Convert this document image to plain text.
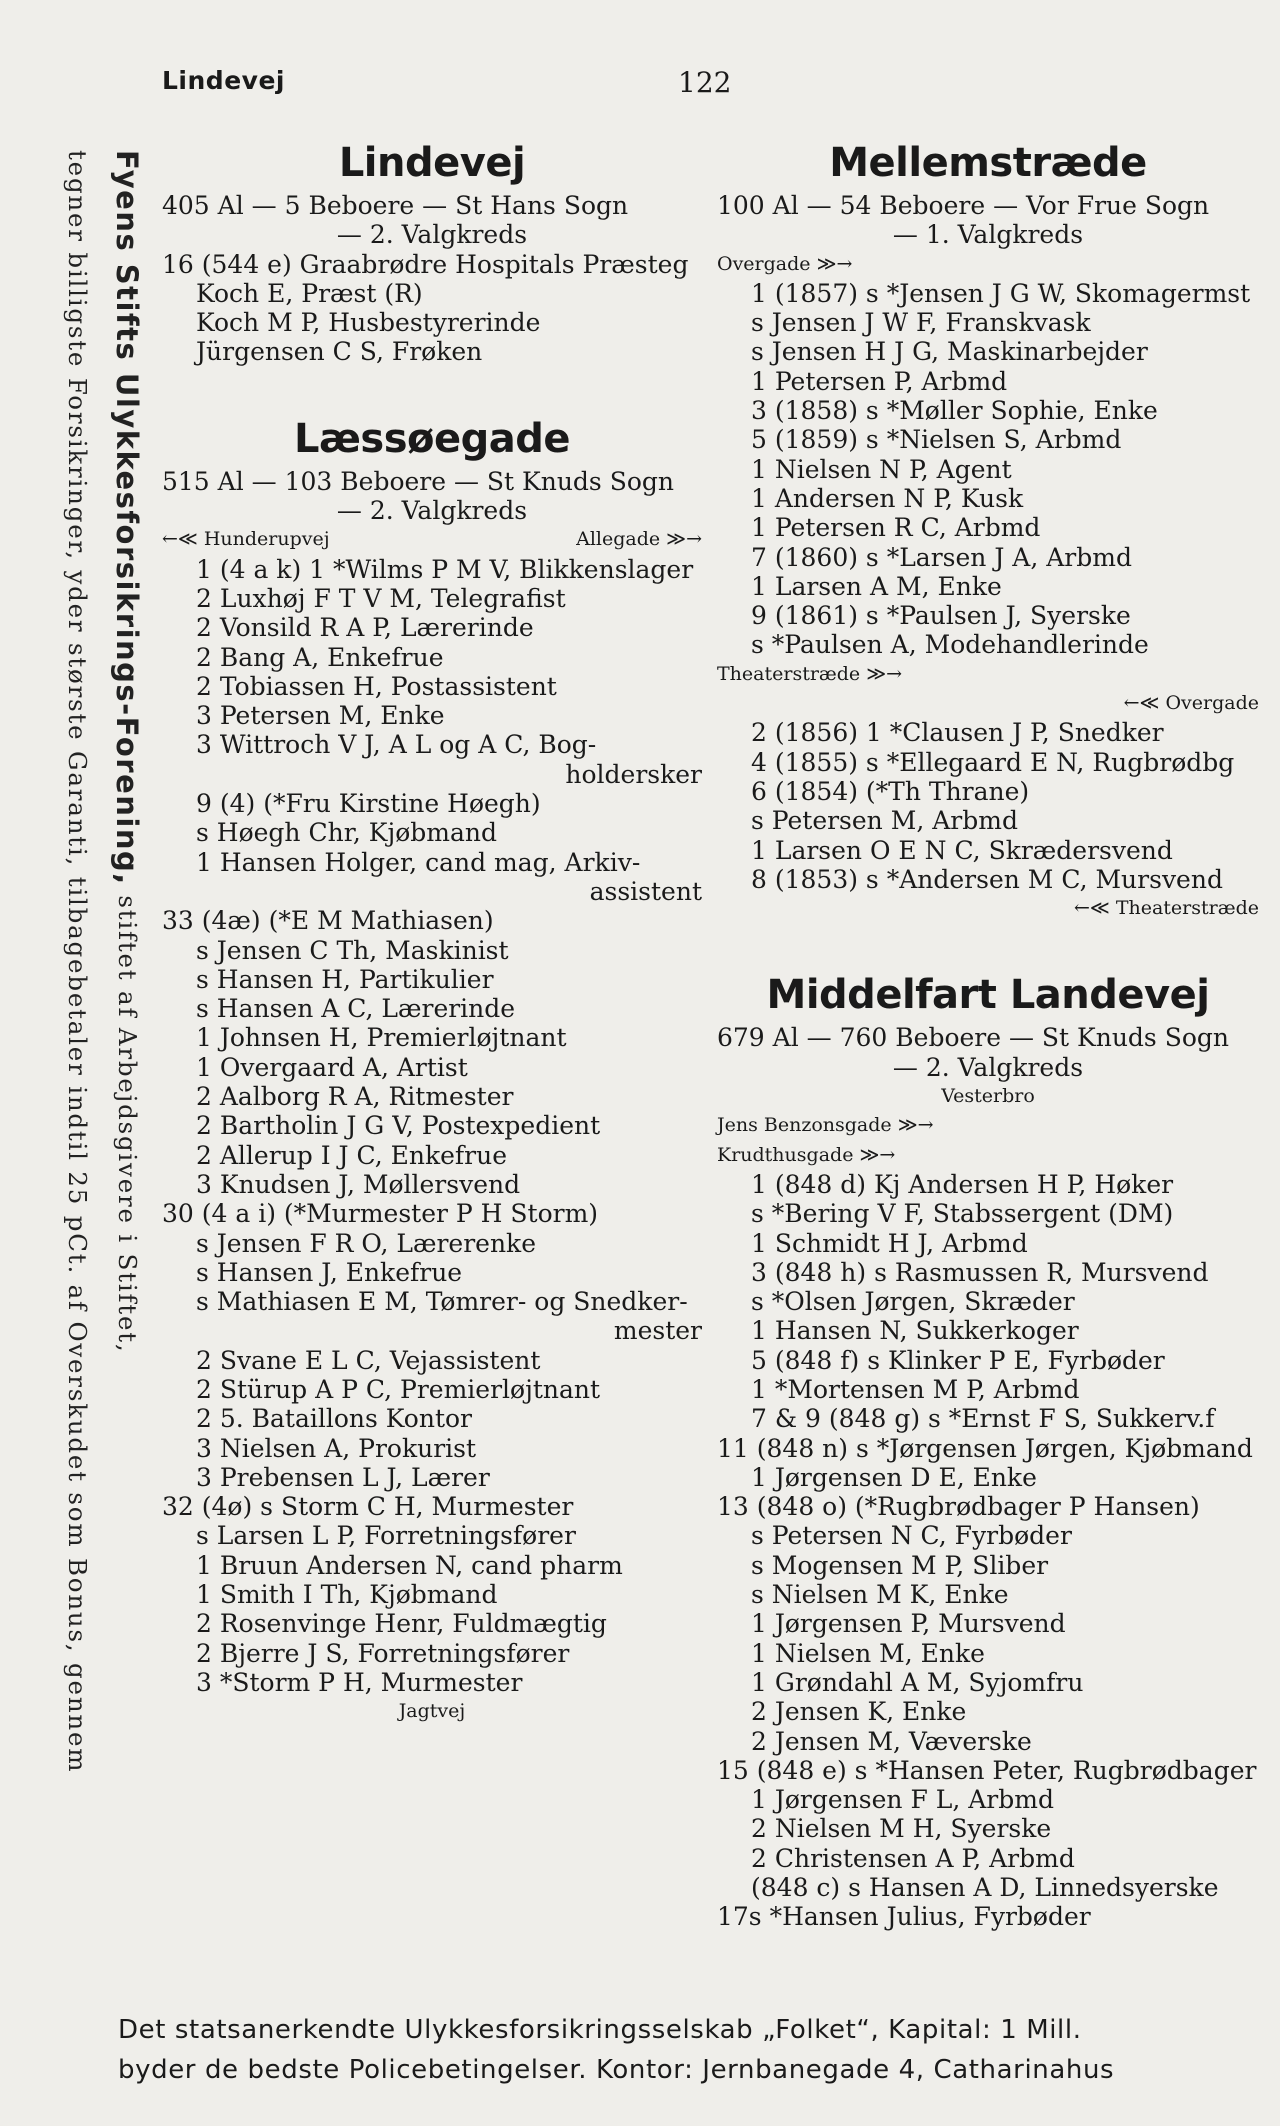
Lindevej	122
Fyens Stifts Ulykkesforsikrings-Forening, stiftet af Arbejdsgivere i Stiftet,
tegner billigste Forsikringer, yder største Garanti, tilbagebetaler indtil 25 pCt. af Overskudet som Bonus, gennem	Lindevej
405 Al — 5 Beboere — St Hans Sogn
— 2. Valgkreds
16 (544 e) Graabrødre Hospitals Præsteg
Koch E, Præst (R)
Koch M P, Husbestyrerinde
Jürgensen C S, Frøken
Læssøegade
515 Al — 103 Beboere — St Knuds Sogn
— 2. Valgkreds
←≪ Hunderupvej	Allegade ≫→
1 (4 a k) 1 *Wilms P M V, Blikkenslager
2 Luxhøj F T V M, Telegrafist
2 Vonsild R A P, Lærerinde
2 Bang A, Enkefrue
2 Tobiassen H, Postassistent
3 Petersen M, Enke
3 Wittroch V J, A L og A C, Bog-
holdersker
9 (4) (*Fru Kirstine Høegh)
s Høegh Chr, Kjøbmand
1 Hansen Holger, cand mag, Arkiv-
assistent
33 (4æ) (*E M Mathiasen)
s Jensen C Th, Maskinist
s Hansen H, Partikulier
s Hansen A C, Lærerinde
1 Johnsen H, Premierløjtnant
1 Overgaard A, Artist
2 Aalborg R A, Ritmester
2 Bartholin J G V, Postexpedient
2 Allerup I J C, Enkefrue
3 Knudsen J, Møllersvend
30 (4 a i) (*Murmester P H Storm)
s Jensen F R O, Lærerenke
s Hansen J, Enkefrue
s Mathiasen E M, Tømrer- og Snedker-
mester
2 Svane E L C, Vejassistent
2 Stürup A P C, Premierløjtnant
2 5. Bataillons Kontor
3 Nielsen A, Prokurist
3 Prebensen L J, Lærer
32 (4ø) s Storm C H, Murmester
s Larsen L P, Forretningsfører
1 Bruun Andersen N, cand pharm
1 Smith I Th, Kjøbmand
2 Rosenvinge Henr, Fuldmægtig
2 Bjerre J S, Forretningsfører
3 *Storm P H, Murmester
Jagtvej
Mellemstræde
100 Al — 54 Beboere — Vor Frue Sogn
— 1. Valgkreds
Overgade ≫→
1 (1857) s *Jensen J G W, Skomagermst
s Jensen J W F, Franskvask
s Jensen H J G, Maskinarbejder
1 Petersen P, Arbmd
3 (1858) s *Møller Sophie, Enke
5 (1859) s *Nielsen S, Arbmd
1 Nielsen N P, Agent
1 Andersen N P, Kusk
1 Petersen R C, Arbmd
7 (1860) s *Larsen J A, Arbmd
1 Larsen A M, Enke
9 (1861) s *Paulsen J, Syerske
s *Paulsen A, Modehandlerinde
Theaterstræde ≫→
←≪ Overgade
2 (1856) 1 *Clausen J P, Snedker
4 (1855) s *Ellegaard E N, Rugbrødbg
6 (1854) (*Th Thrane)
s Petersen M, Arbmd
1 Larsen O E N C, Skrædersvend
8 (1853) s *Andersen M C, Mursvend
←≪ Theaterstræde
Middelfart Landevej
679 Al — 760 Beboere — St Knuds Sogn
— 2. Valgkreds
Vesterbro
Jens Benzonsgade ≫→
Krudthusgade ≫→
1 (848 d) Kj Andersen H P, Høker
s *Bering V F, Stabssergent (DM)
1 Schmidt H J, Arbmd
3 (848 h) s Rasmussen R, Mursvend
s *Olsen Jørgen, Skræder
1 Hansen N, Sukkerkoger
5 (848 f) s Klinker P E, Fyrbøder
1 *Mortensen M P, Arbmd
7 & 9 (848 g) s *Ernst F S, Sukkerv.f
11 (848 n) s *Jørgensen Jørgen, Kjøbmand
1 Jørgensen D E, Enke
13 (848 o) (*Rugbrødbager P Hansen)
s Petersen N C, Fyrbøder
s Mogensen M P, Sliber
s Nielsen M K, Enke
1 Jørgensen P, Mursvend
1 Nielsen M, Enke
1 Grøndahl A M, Syjomfru
2 Jensen K, Enke
2 Jensen M, Væverske
15 (848 e) s *Hansen Peter, Rugbrødbager
1 Jørgensen F L, Arbmd
2 Nielsen M H, Syerske
2 Christensen A P, Arbmd
(848 c) s Hansen A D, Linnedsyerske
17s *Hansen Julius, Fyrbøder
Det statsanerkendte Ulykkesforsikringsselskab „Folket“, Kapital: 1 Mill.
byder de bedste Policebetingelser. Kontor: Jernbanegade 4, Catharinahus
